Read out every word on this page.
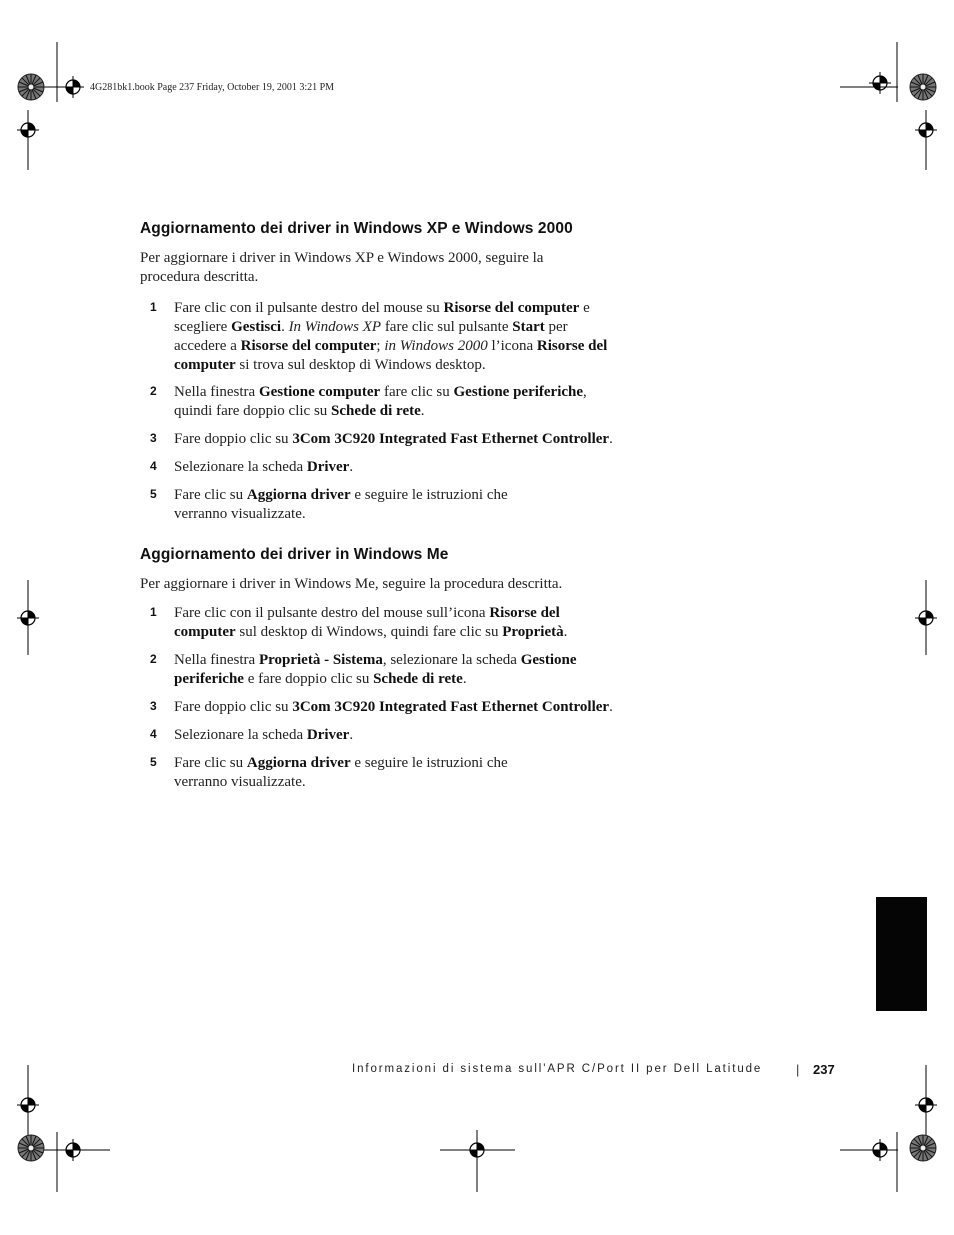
4G281bk1.book Page 237 Friday, October 19, 2001 3:21 PM
Aggiornamento dei driver in Windows XP e Windows 2000
Per aggiornare i driver in Windows XP e Windows 2000, seguire la
procedura descritta.
1 Fare clic con il pulsante destro del mouse su Risorse del computer e
scegliere Gestisci. In Windows XP fare clic sul pulsante Start per
accedere a Risorse del computer; in Windows 2000 l’icona Risorse del
computer si trova sul desktop di Windows desktop.
2 Nella finestra Gestione computer fare clic su Gestione periferiche,
quindi fare doppio clic su Schede di rete.
3 Fare doppio clic su 3Com 3C920 Integrated Fast Ethernet Controller.
4 Selezionare la scheda Driver.
5 Fare clic su Aggiorna driver e seguire le istruzioni che
verranno visualizzate.
Aggiornamento dei driver in Windows Me
Per aggiornare i driver in Windows Me, seguire la procedura descritta.
1 Fare clic con il pulsante destro del mouse sull’icona Risorse del
computer sul desktop di Windows, quindi fare clic su Proprietà.
2 Nella finestra Proprietà - Sistema, selezionare la scheda Gestione
periferiche e fare doppio clic su Schede di rete.
3 Fare doppio clic su 3Com 3C920 Integrated Fast Ethernet Controller.
4 Selezionare la scheda Driver.
5 Fare clic su Aggiorna driver e seguire le istruzioni che
verranno visualizzate.
Informazioni di sistema sull'APR C/Port II per Dell Latitude	| 237
